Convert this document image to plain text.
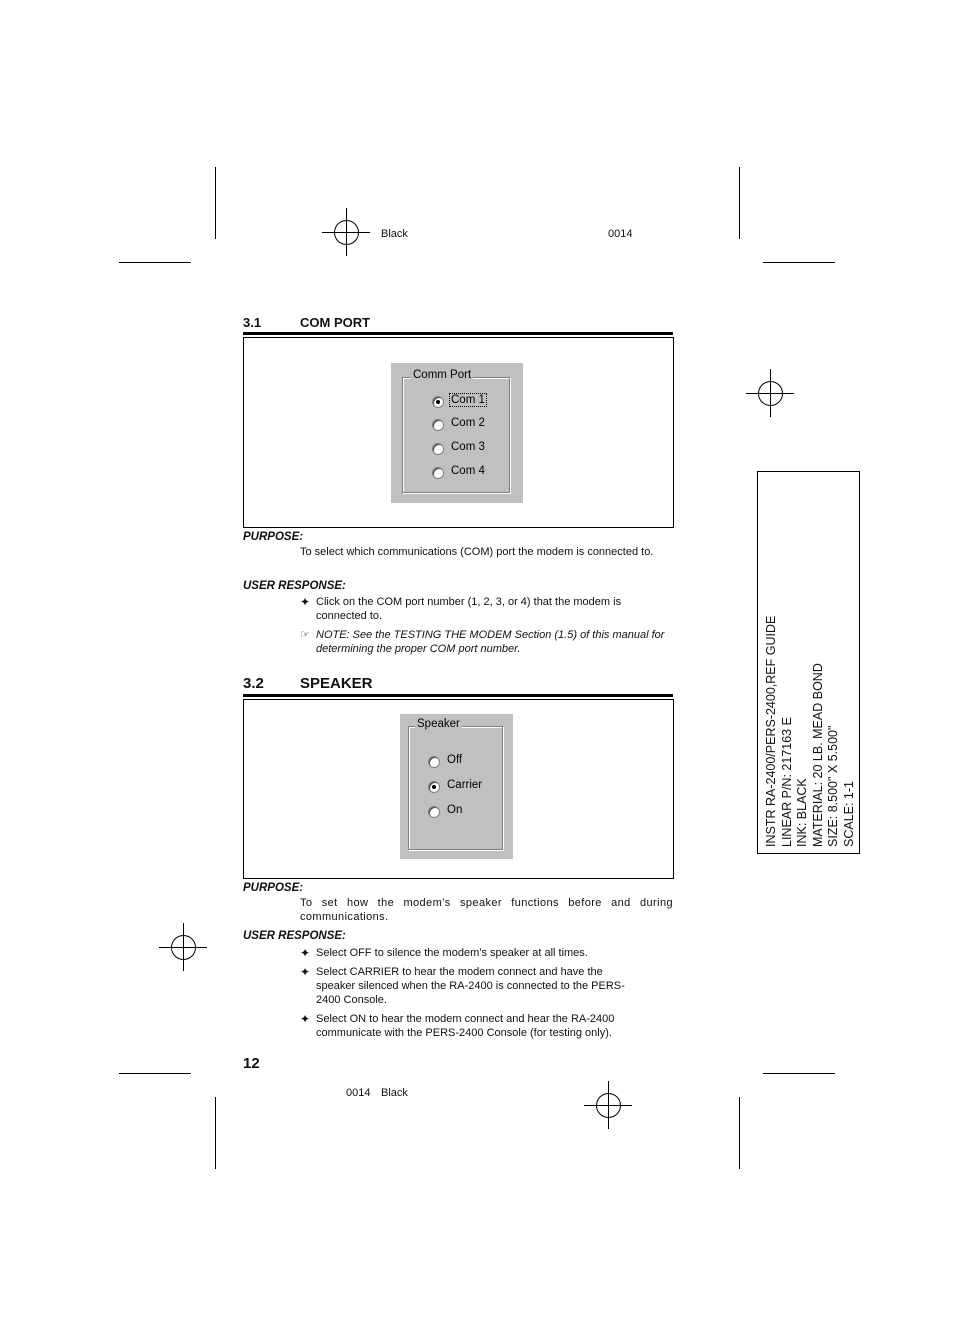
Black	0014
3.1	COM PORT
Comm Port
Com 1
Com 2
Com 3
Com 4
PURPOSE:
To select which communications (COM) port the modem is connected to.
USER RESPONSE:
✦ Click on the COM port number (1, 2, 3, or 4) that the modem is connected to.
☞ NOTE: See the TESTING THE MODEM Section (1.5) of this manual for determining the proper COM port number.
3.2 SPEAKER
Speaker
Off
Carrier
On
PURPOSE:
To set how the modem’s speaker functions before and during communications.
USER RESPONSE:
✦ Select OFF to silence the modem’s speaker at all times.
✦ Select CARRIER to hear the modem connect and have the speaker silenced when the RA-2400 is connected to the PERS-2400 Console.
✦ Select ON to hear the modem connect and hear the RA-2400 communicate with the PERS-2400 Console (for testing only).
12
0014 Black
INSTR RA-2400/PERS-2400,REF GUIDE LINEAR P/N: 217163 E INK: BLACK MATERIAL: 20 LB. MEAD BOND SIZE: 8.500" X 5.500" SCALE: 1-1
